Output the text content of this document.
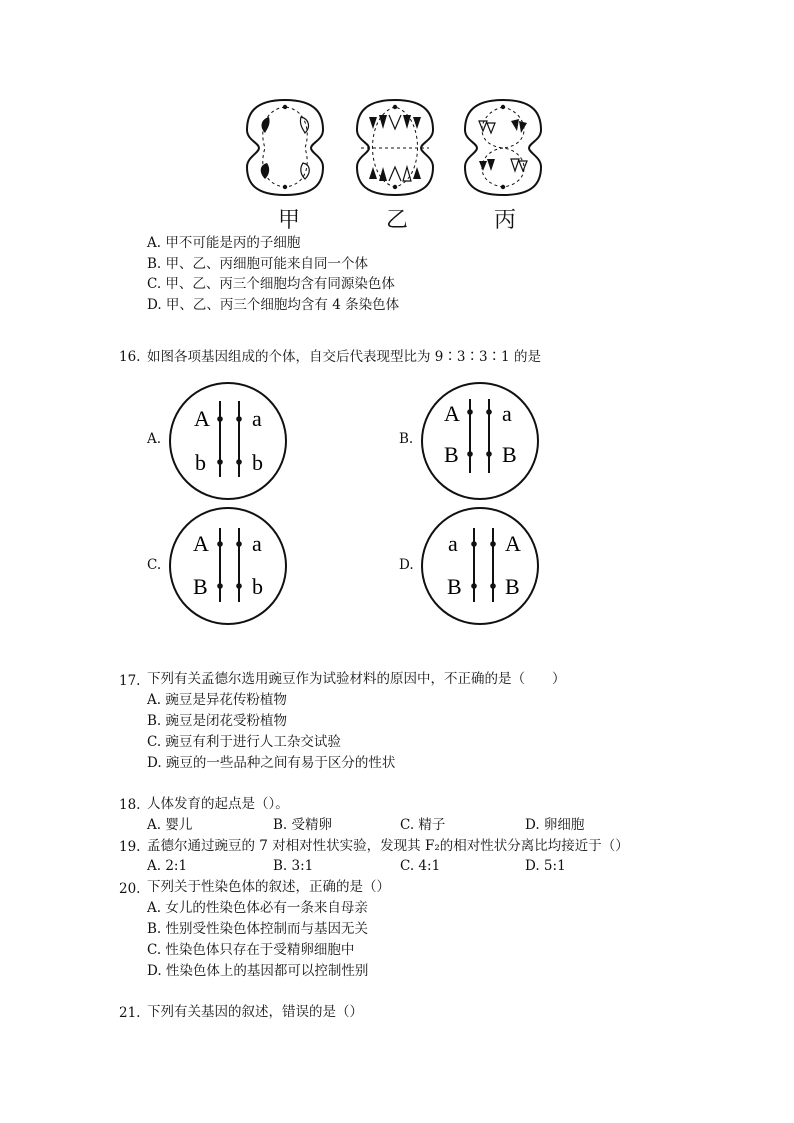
甲	乙	丙
A. 甲不可能是丙的子细胞
B. 甲、乙、丙细胞可能来自同一个体
C. 甲、乙、丙三个细胞均含有同源染色体
D. 甲、乙、丙三个细胞均含有 4 条染色体
16. 如图各项基因组成的个体，自交后代表现型比为 9∶3∶3∶1 的是
A.
A a
b b
B.
A a
B B
C.
A a
B b
D.
a A
B B
17. 下列有关孟德尔选用豌豆作为试验材料的原因中，不正确的是（　　）
A. 豌豆是异花传粉植物
B. 豌豆是闭花受粉植物
C. 豌豆有利于进行人工杂交试验
D. 豌豆的一些品种之间有易于区分的性状
18. 人体发育的起点是（）。
A. 婴儿	B. 受精卵	C. 精子	D. 卵细胞
19. 孟德尔通过豌豆的 7 对相对性状实验，发现其 F₂的相对性状分离比均接近于（）
A. 2:1	B. 3:1	C. 4:1	D. 5:1
20. 下列关于性染色体的叙述，正确的是（）
A. 女儿的性染色体必有一条来自母亲
B. 性别受性染色体控制而与基因无关
C. 性染色体只存在于受精卵细胞中
D. 性染色体上的基因都可以控制性别
21. 下列有关基因的叙述，错误的是（）
